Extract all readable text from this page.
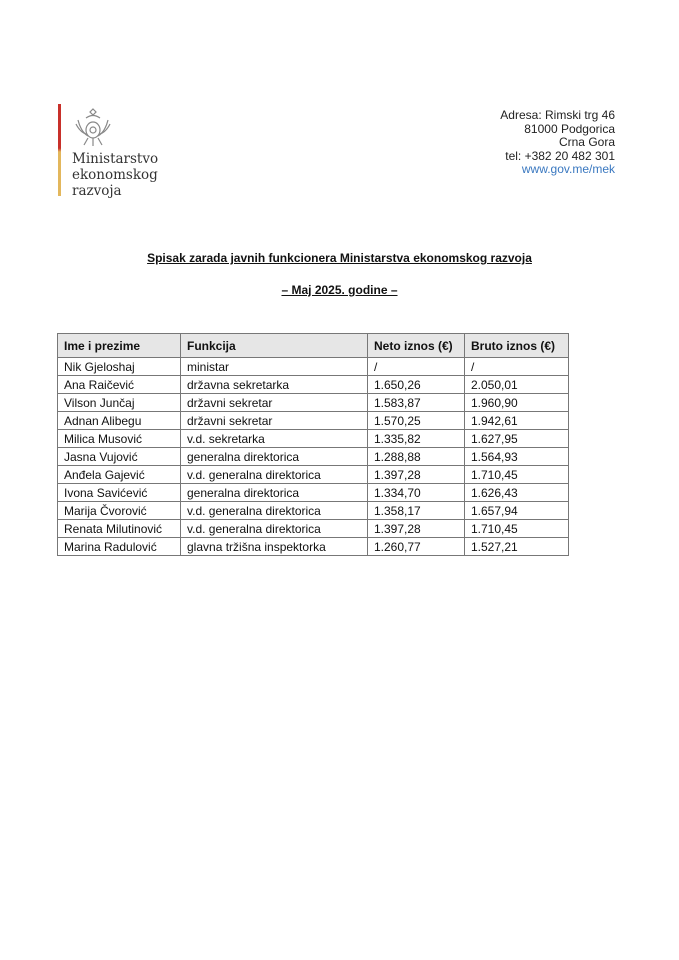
Ministarstvo
ekonomskog
razvoja
Adresa: Rimski trg 46
81000 Podgorica
Crna Gora
tel: +382 20 482 301
www.gov.me/mek
Spisak zarada javnih funkcionera Ministarstva ekonomskog razvoja
– Maj 2025. godine –
Ime i prezime	Funkcija	Neto iznos (€)	Bruto iznos (€)
Nik Gjeloshaj	ministar	/	/
Ana Raičević	državna sekretarka	1.650,26	2.050,01
Vilson Junčaj	državni sekretar	1.583,87	1.960,90
Adnan Alibegu	državni sekretar	1.570,25	1.942,61
Milica Musović	v.d. sekretarka	1.335,82	1.627,95
Jasna Vujović	generalna direktorica	1.288,88	1.564,93
Anđela Gajević	v.d. generalna direktorica	1.397,28	1.710,45
Ivona Savićević	generalna direktorica	1.334,70	1.626,43
Marija Čvorović	v.d. generalna direktorica	1.358,17	1.657,94
Renata Milutinović	v.d. generalna direktorica	1.397,28	1.710,45
Marina Radulović	glavna tržišna inspektorka	1.260,77	1.527,21
